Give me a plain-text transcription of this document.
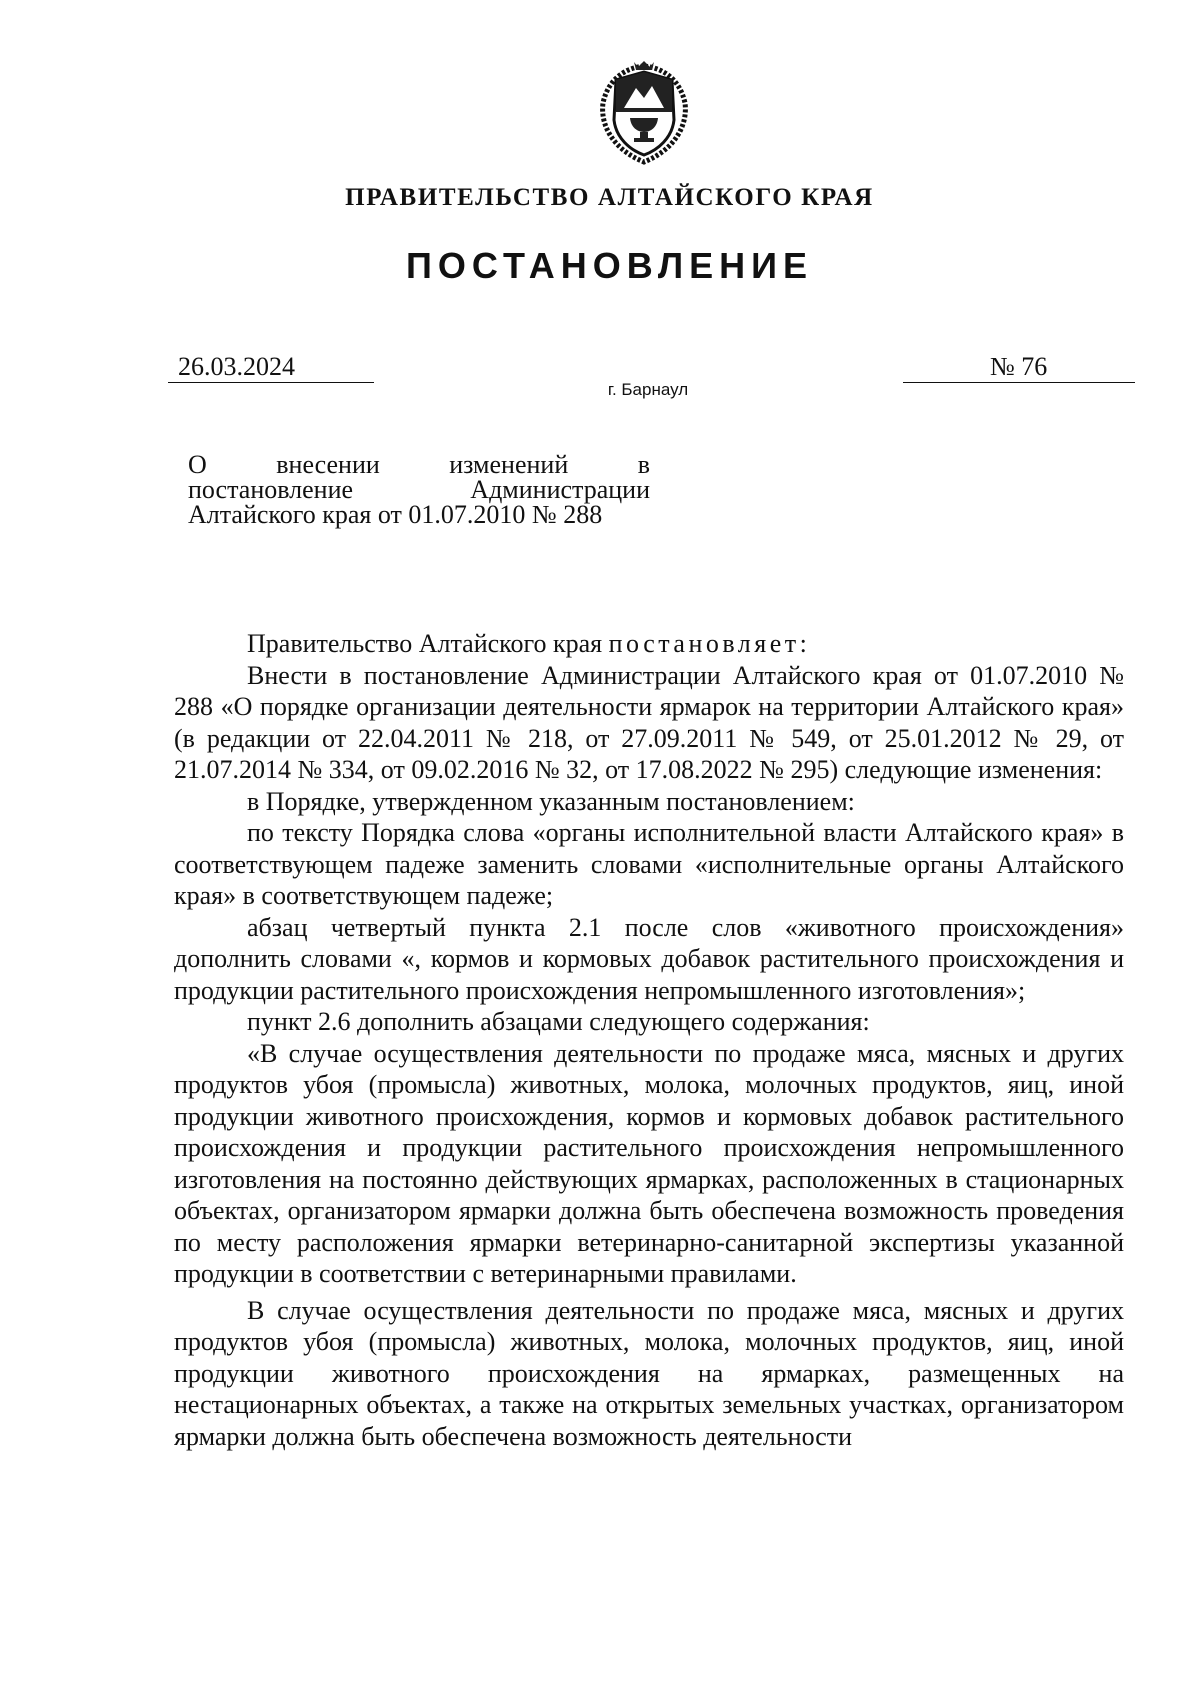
ПРАВИТЕЛЬСТВО АЛТАЙСКОГО КРАЯ
ПОСТАНОВЛЕНИЕ
26.03.2024	№ 76
г. Барнаул
О внесении изменений в
постановление Администрации
Алтайского края от 01.07.2010 № 288

Правительство Алтайского края постановляет:

Внести в постановление Администрации Алтайского края от 01.07.2010 № 288 «О порядке организации деятельности ярмарок на территории Алтайского края» (в редакции от 22.04.2011 № 218, от 27.09.2011 № 549, от 25.01.2012 № 29, от 21.07.2014 № 334, от 09.02.2016 № 32, от 17.08.2022 № 295) следующие изменения:

в Порядке, утвержденном указанным постановлением:

по тексту Порядка слова «органы исполнительной власти Алтайского края» в соответствующем падеже заменить словами «исполнительные органы Алтайского края» в соответствующем падеже;

абзац четвертый пункта 2.1 после слов «животного происхождения» дополнить словами «, кормов и кормовых добавок растительного происхождения и продукции растительного происхождения непромышленного изготовления»;

пункт 2.6 дополнить абзацами следующего содержания:

«В случае осуществления деятельности по продаже мяса, мясных и других продуктов убоя (промысла) животных, молока, молочных продуктов, яиц, иной продукции животного происхождения, кормов и кормовых добавок растительного происхождения и продукции растительного происхождения непромышленного изготовления на постоянно действующих ярмарках, расположенных в стационарных объектах, организатором ярмарки должна быть обеспечена возможность проведения по месту расположения ярмарки ветеринарно-санитарной экспертизы указанной продукции в соответствии с ветеринарными правилами.

В случае осуществления деятельности по продаже мяса, мясных и других продуктов убоя (промысла) животных, молока, молочных продуктов, яиц, иной продукции животного происхождения на ярмарках, размещенных на нестационарных объектах, а также на открытых земельных участках, организатором ярмарки должна быть обеспечена возможность деятельности
